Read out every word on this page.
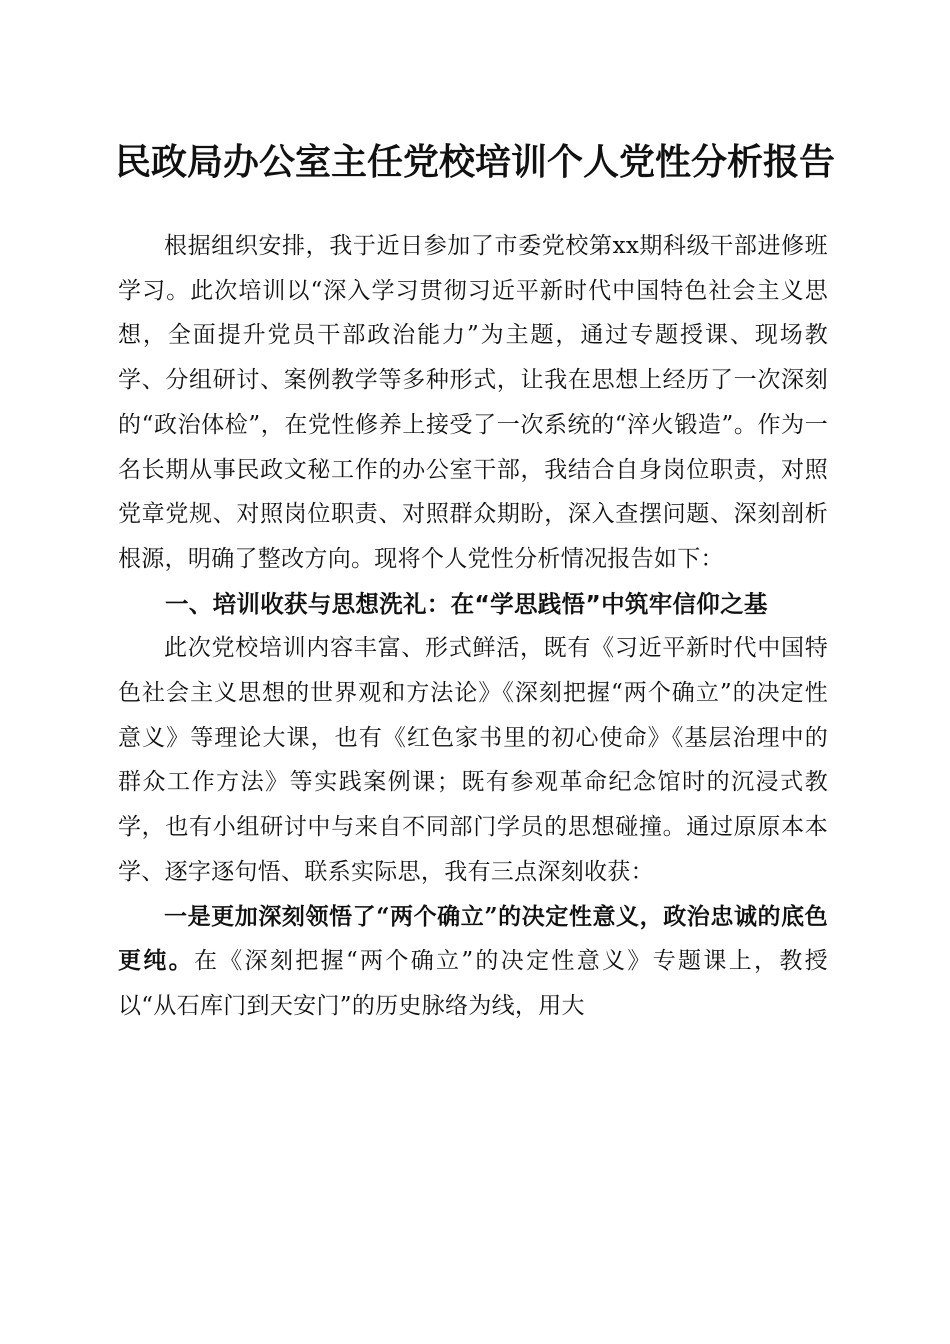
民政局办公室主任党校培训个人党性分析报告

根据组织安排，我于近日参加了市委党校第xx期科级干部进修班学习。此次培训以“深入学习贯彻习近平新时代中国特色社会主义思想，全面提升党员干部政治能力”为主题，通过专题授课、现场教学、分组研讨、案例教学等多种形式，让我在思想上经历了一次深刻的“政治体检”，在党性修养上接受了一次系统的“淬火锻造”。作为一名长期从事民政文秘工作的办公室干部，我结合自身岗位职责，对照党章党规、对照岗位职责、对照群众期盼，深入查摆问题、深刻剖析根源，明确了整改方向。现将个人党性分析情况报告如下：

一、培训收获与思想洗礼：在“学思践悟”中筑牢信仰之基

此次党校培训内容丰富、形式鲜活，既有《习近平新时代中国特色社会主义思想的世界观和方法论》《深刻把握“两个确立”的决定性意义》等理论大课，也有《红色家书里的初心使命》《基层治理中的群众工作方法》等实践案例课；既有参观革命纪念馆时的沉浸式教学，也有小组研讨中与来自不同部门学员的思想碰撞。通过原原本本学、逐字逐句悟、联系实际思，我有三点深刻收获：

一是更加深刻领悟了“两个确立”的决定性意义，政治忠诚的底色更纯。在《深刻把握“两个确立”的决定性意义》专题课上，教授以“从石库门到天安门”的历史脉络为线，用大
